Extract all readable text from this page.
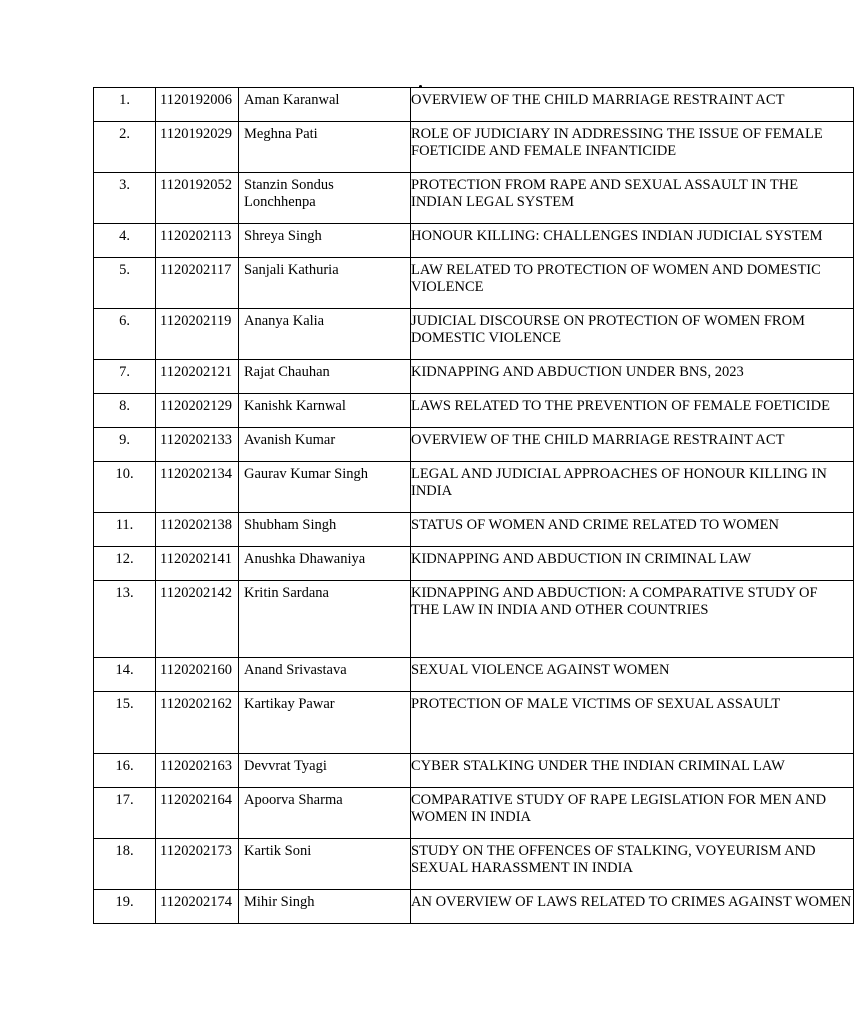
1.	1120192006	Aman Karanwal	OVERVIEW OF THE CHILD MARRIAGE RESTRAINT ACT

2.	1120192029	Meghna Pati	ROLE OF JUDICIARY IN ADDRESSING THE ISSUE OF FEMALE
FOETICIDE AND FEMALE INFANTICIDE

3.	1120192052	Stanzin Sondus
Lonchhenpa	PROTECTION FROM RAPE AND SEXUAL ASSAULT IN THE
INDIAN LEGAL SYSTEM

4.	1120202113	Shreya Singh	HONOUR KILLING: CHALLENGES INDIAN JUDICIAL SYSTEM

5.	1120202117	Sanjali Kathuria	LAW RELATED TO PROTECTION OF WOMEN AND DOMESTIC
VIOLENCE

6.	1120202119	Ananya Kalia	JUDICIAL DISCOURSE ON PROTECTION OF WOMEN FROM
DOMESTIC VIOLENCE

7.	1120202121	Rajat Chauhan	KIDNAPPING AND ABDUCTION UNDER BNS, 2023

8.	1120202129	Kanishk Karnwal	LAWS RELATED TO THE PREVENTION OF FEMALE FOETICIDE

9.	1120202133	Avanish Kumar	OVERVIEW OF THE CHILD MARRIAGE RESTRAINT ACT

10.	1120202134	Gaurav Kumar Singh	LEGAL AND JUDICIAL APPROACHES OF HONOUR KILLING IN
INDIA

11.	1120202138	Shubham Singh	STATUS OF WOMEN AND CRIME RELATED TO WOMEN

12.	1120202141	Anushka Dhawaniya	KIDNAPPING AND ABDUCTION IN CRIMINAL LAW

13.	1120202142	Kritin Sardana	KIDNAPPING AND ABDUCTION: A COMPARATIVE STUDY OF
THE LAW IN INDIA AND OTHER COUNTRIES

14.	1120202160	Anand Srivastava	SEXUAL VIOLENCE AGAINST WOMEN

15.	1120202162	Kartikay Pawar	PROTECTION OF MALE VICTIMS OF SEXUAL ASSAULT

16.	1120202163	Devvrat Tyagi	CYBER STALKING UNDER THE INDIAN CRIMINAL LAW

17.	1120202164	Apoorva Sharma	COMPARATIVE STUDY OF RAPE LEGISLATION FOR MEN AND
WOMEN IN INDIA

18.	1120202173	Kartik Soni	STUDY ON THE OFFENCES OF STALKING, VOYEURISM AND
SEXUAL HARASSMENT IN INDIA

19.	1120202174	Mihir Singh	AN OVERVIEW OF LAWS RELATED TO CRIMES AGAINST WOMEN
